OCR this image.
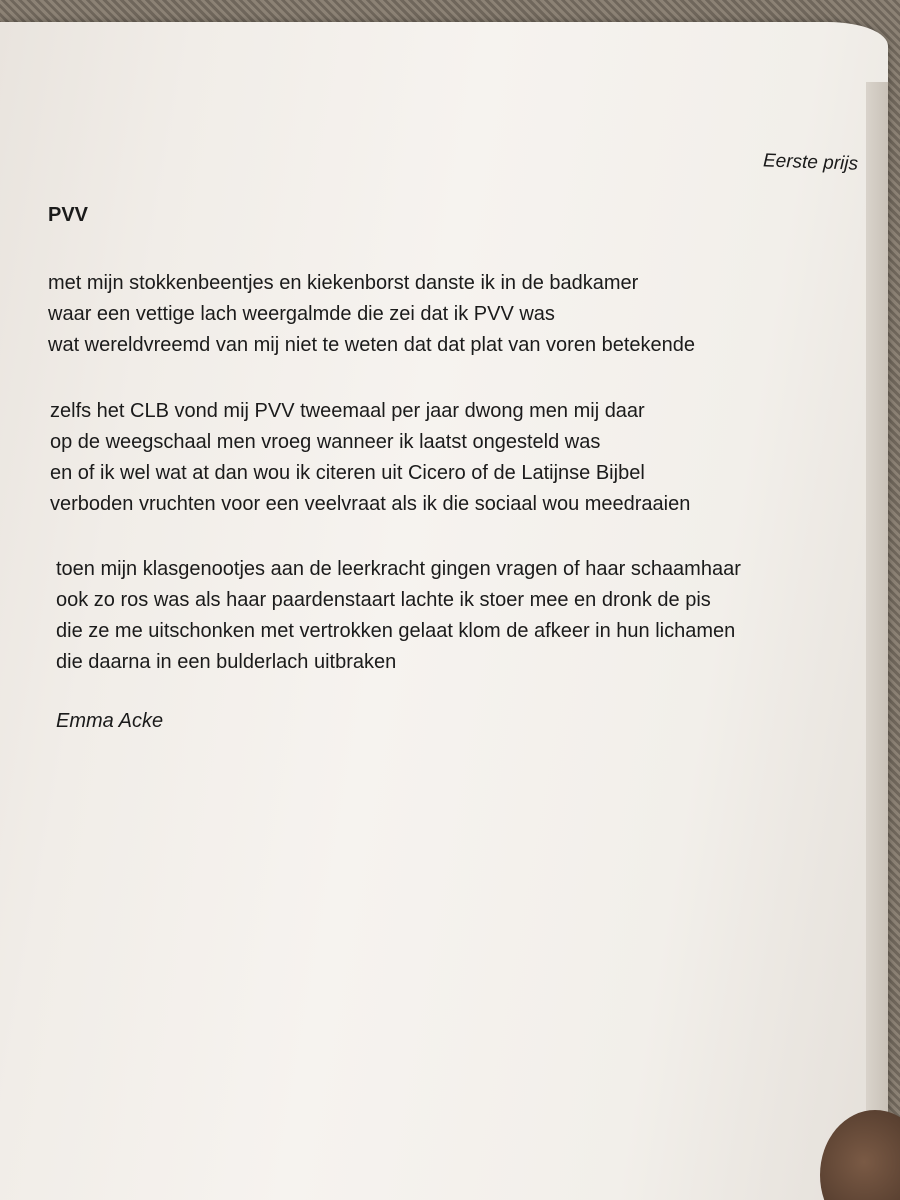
Eerste prijs
PVV
met mijn stokkenbeentjes en kiekenborst danste ik in de badkamer
waar een vettige lach weergalmde die zei dat ik PVV was
wat wereldvreemd van mij niet te weten dat dat plat van voren betekende
zelfs het CLB vond mij PVV tweemaal per jaar dwong men mij daar
op de weegschaal men vroeg wanneer ik laatst ongesteld was
en of ik wel wat at dan wou ik citeren uit Cicero of de Latijnse Bijbel
verboden vruchten voor een veelvraat als ik die sociaal wou meedraaien
toen mijn klasgenootjes aan de leerkracht gingen vragen of haar schaamhaar
ook zo ros was als haar paardenstaart lachte ik stoer mee en dronk de pis
die ze me uitschonken met vertrokken gelaat klom de afkeer in hun lichamen
die daarna in een bulderlach uitbraken
Emma Acke
